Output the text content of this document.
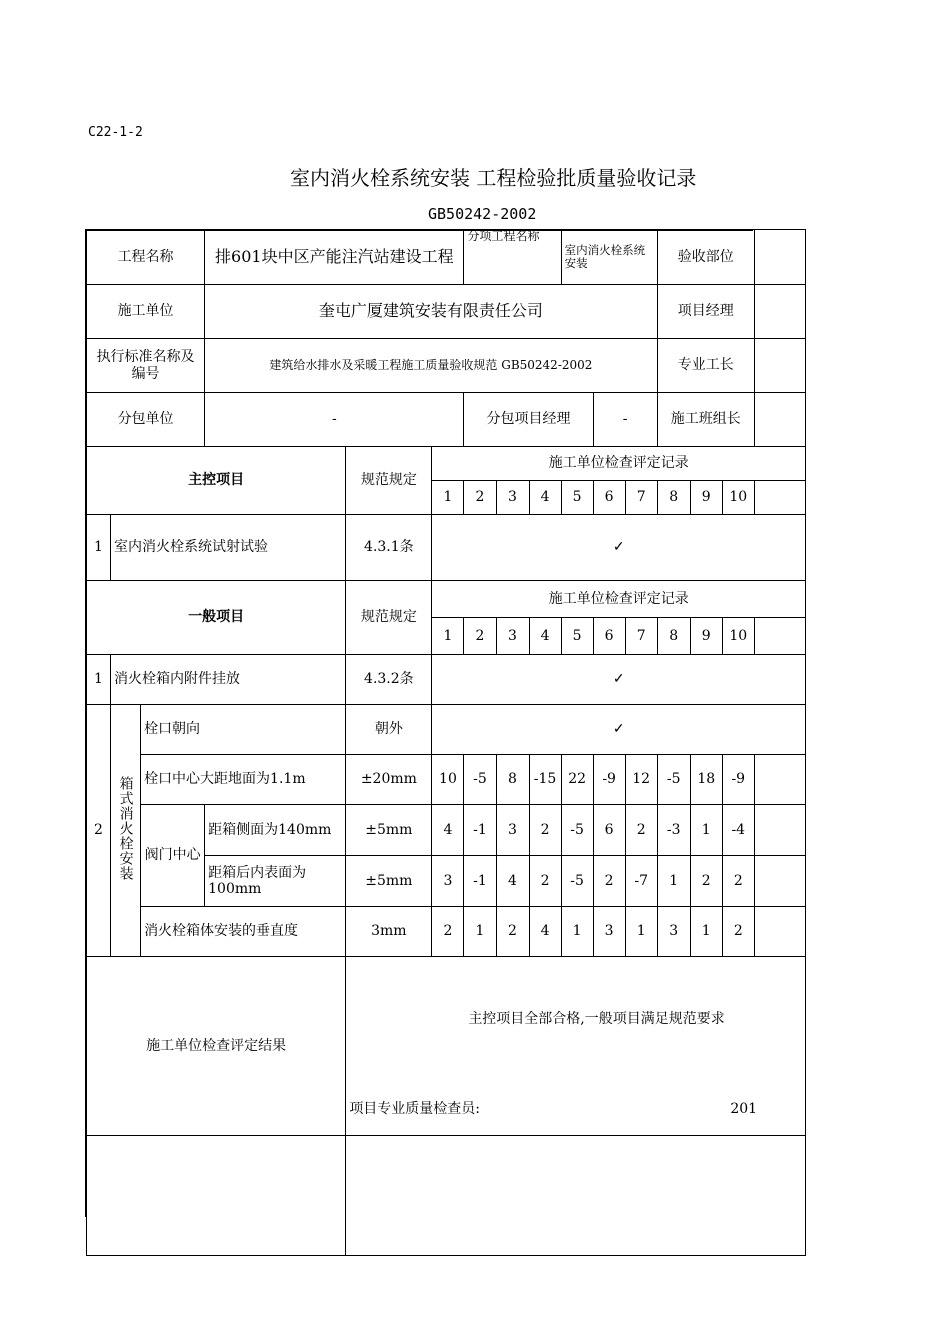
C22-1-2
室内消火栓系统安装 工程检验批质量验收记录
GB50242-2002
工程名称			排601块中区产能注汽站建设工程			分项工程名称			室内消火栓系统安装			验收部位			
施工单位			奎屯广厦建筑安装有限责任公司									项目经理			
执行标准名称及编号			建筑给水排水及采暖工程施工质量验收规范 GB50242-2002									专业工长			
分包单位			-			分包项目经理				-		施工班组长			
主控项目				规范规定	施工单位检查评定记录										
					1	2	3	4	5	6	7	8	9	10	
1	室内消火栓系统试射试验			4.3.1条	✓										
一般项目				规范规定	施工单位检查评定记录										
					1	2	3	4	5	6	7	8	9	10	
1	消火栓箱内附件挂放			4.3.2条	✓										
2	箱式消火栓安装	栓口朝向		朝外	✓										
		栓口中心大距地面为1.1m		±20mm	10	-5	8	-15	22	-9	12	-5	18	-9	
		阀门中心	距箱侧面为140mm	±5mm	4	-1	3	2	-5	6	2	-3	1	-4	
			距箱后内表面为100mm	±5mm	3	-1	4	2	-5	2	-7	1	2	2	
		消火栓箱体安装的垂直度		3mm	2	1	2	4	1	3	1	3	1	2	
施工单位检查评定结果				主控项目全部合格,一般项目满足规范要求
项目专业质量检查员: 201											
